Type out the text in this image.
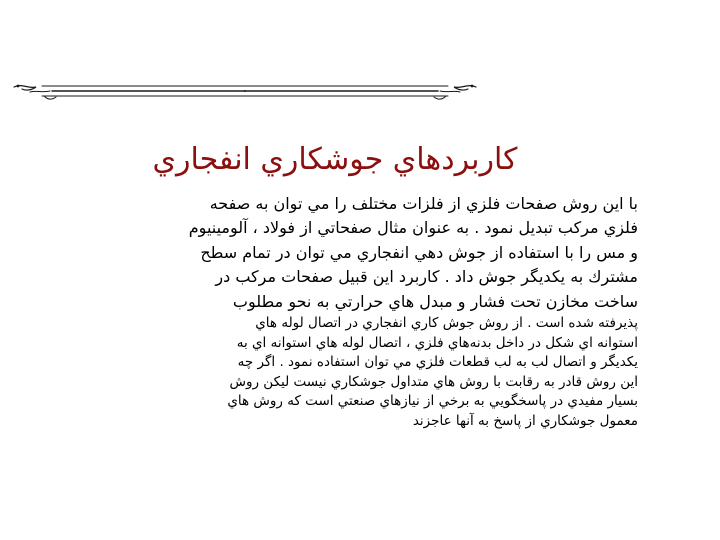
كاربردهاي جوشكاري انفجاري
با اين روش صفحات فلزي از فلزات مختلف را مي توان به صفحه
فلزي مركب تبديل نمود . به عنوان مثال صفحاتي از فولاد ، آلومينيوم
و مس را با استفاده از جوش دهي انفجاري مي توان در تمام سطح
مشترك به يكديگر جوش داد . كاربرد اين قبيل صفحات مركب در
ساخت مخازن تحت فشار و مبدل هاي حرارتي به نحو مطلوب
پذيرفته شده است . از روش جوش كاري انفجاري در اتصال لوله هاي
استوانه اي شكل در داخل بدنه‌هاي فلزي ، اتصال لوله هاي استوانه اي به
يكديگر و اتصال لب به لب قطعات فلزي مي توان استفاده نمود . اگر چه
اين روش قادر به رقابت با روش هاي متداول جوشكاري نيست ليكن روش
بسيار مفيدي در پاسخگويي به برخي از نيازهاي صنعتي است كه روش هاي
معمول جوشكاري از پاسخ به آنها عاجزند
